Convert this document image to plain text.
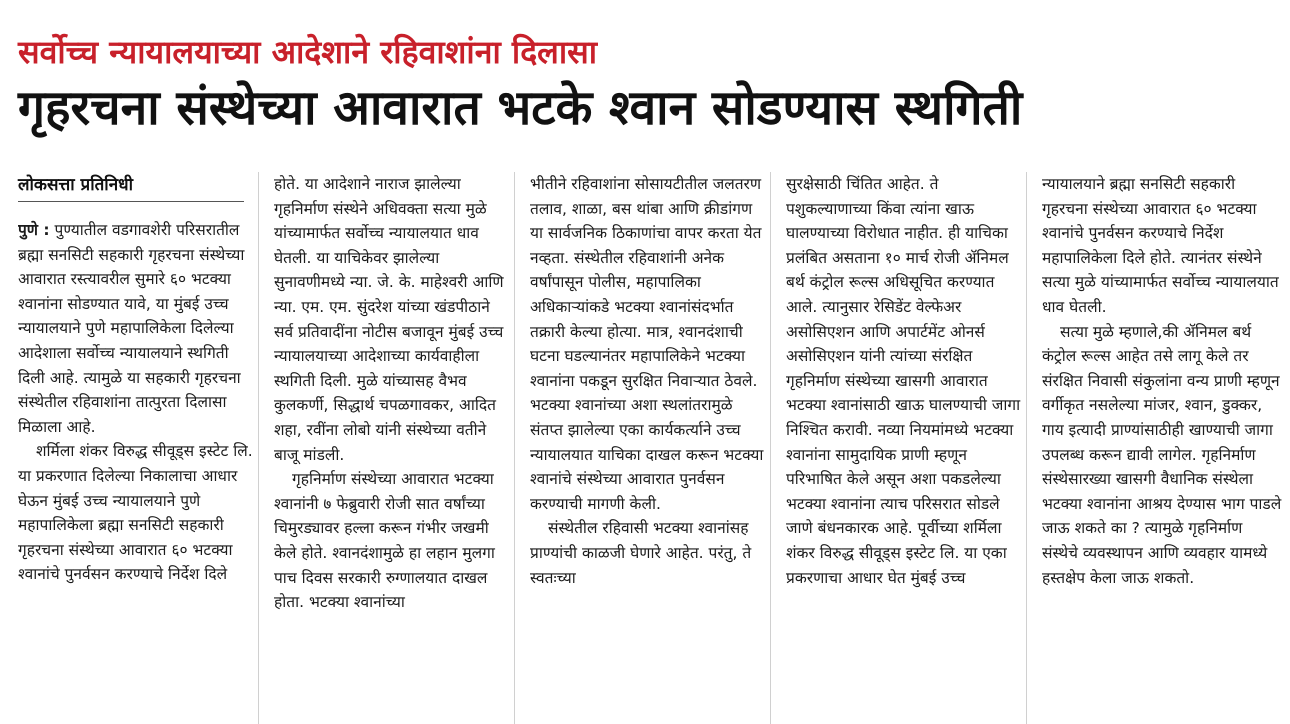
सर्वोच्च न्यायालयाच्या आदेशाने रहिवाशांना दिलासा
गृहरचना संस्थेच्या आवारात भटके श्वान सोडण्यास स्थगिती
लोकसत्ता प्रतिनिधी

पुणे : पुण्यातील वडगावशेरी परिसरातील ब्रह्मा सनसिटी सहकारी गृहरचना संस्थेच्या आवारात रस्त्यावरील सुमारे ६० भटक्या श्वानांना सोडण्यात यावे, या मुंबई उच्च न्यायालयाने पुणे महापालिकेला दिलेल्या आदेशाला सर्वोच्च न्यायालयाने स्थगिती दिली आहे. त्यामुळे या सहकारी गृहरचना संस्थेतील रहिवाशांना तात्पुरता दिलासा मिळाला आहे.

शर्मिला शंकर विरुद्ध सीवूड्स इस्टेट लि. या प्रकरणात दिलेल्या निकालाचा आधार घेऊन मुंबई उच्च न्यायालयाने पुणे महापालिकेला ब्रह्मा सनसिटी सहकारी गृहरचना संस्थेच्या आवारात ६० भटक्या श्वानांचे पुनर्वसन करण्याचे निर्देश दिले

होते. या आदेशाने नाराज झालेल्या गृहनिर्माण संस्थेने अधिवक्ता सत्या मुळे यांच्यामार्फत सर्वोच्च न्यायालयात धाव घेतली. या याचिकेवर झालेल्या सुनावणीमध्ये न्या. जे. के. माहेश्वरी आणि न्या. एम. एम. सुंदरेश यांच्या खंडपीठाने सर्व प्रतिवादींना नोटीस बजावून मुंबई उच्च न्यायालयाच्या आदेशाच्या कार्यवाहीला स्थगिती दिली. मुळे यांच्यासह वैभव कुलकर्णी, सिद्धार्थ चपळगावकर, आदित शहा, रवींना लोबो यांनी संस्थेच्या वतीने बाजू मांडली.

गृहनिर्माण संस्थेच्या आवारात भटक्या श्वानांनी ७ फेब्रुवारी रोजी सात वर्षांच्या चिमुरड्यावर हल्ला करून गंभीर जखमी केले होते. श्वानदंशामुळे हा लहान मुलगा पाच दिवस सरकारी रुग्णालयात दाखल होता. भटक्या श्वानांच्या

भीतीने रहिवाशांना सोसायटीतील जलतरण तलाव, शाळा, बस थांबा आणि क्रीडांगण या सार्वजनिक ठिकाणांचा वापर करता येत नव्हता. संस्थेतील रहिवाशांनी अनेक वर्षांपासून पोलीस, महापालिका अधिकाऱ्यांकडे भटक्या श्वानांसंदर्भात तक्रारी केल्या होत्या. मात्र, श्वानदंशाची घटना घडल्यानंतर महापालिकेने भटक्या श्वानांना पकडून सुरक्षित निवाऱ्यात ठेवले. भटक्या श्वानांच्या अशा स्थलांतरामुळे संतप्त झालेल्या एका कार्यकर्त्याने उच्च न्यायालयात याचिका दाखल करून भटक्या श्वानांचे संस्थेच्या आवारात पुनर्वसन करण्याची मागणी केली.

संस्थेतील रहिवासी भटक्या श्वानांसह प्राण्यांची काळजी घेणारे आहेत. परंतु, ते स्वतःच्या

सुरक्षेसाठी चिंतित आहेत. ते पशुकल्याणाच्या किंवा त्यांना खाऊ घालण्याच्या विरोधात नाहीत. ही याचिका प्रलंबित असताना १० मार्च रोजी ॲनिमल बर्थ कंट्रोल रूल्स अधिसूचित करण्यात आले. त्यानुसार रेसिडेंट वेल्फेअर असोसिएशन आणि अपार्टमेंट ओनर्स असोसिएशन यांनी त्यांच्या संरक्षित गृहनिर्माण संस्थेच्या खासगी आवारात भटक्या श्वानांसाठी खाऊ घालण्याची जागा निश्चित करावी. नव्या नियमांमध्ये भटक्या श्वानांना सामुदायिक प्राणी म्हणून परिभाषित केले असून अशा पकडलेल्या भटक्या श्वानांना त्याच परिसरात सोडले जाणे बंधनकारक आहे. पूर्वीच्या शर्मिला शंकर विरुद्ध सीवूड्स इस्टेट लि. या एका प्रकरणाचा आधार घेत मुंबई उच्च

न्यायालयाने ब्रह्मा सनसिटी सहकारी गृहरचना संस्थेच्या आवारात ६० भटक्या श्वानांचे पुनर्वसन करण्याचे निर्देश महापालिकेला दिले होते. त्यानंतर संस्थेने सत्या मुळे यांच्यामार्फत सर्वोच्च न्यायालयात धाव घेतली.

सत्या मुळे म्हणाले,की ॲनिमल बर्थ कंट्रोल रूल्स आहेत तसे लागू केले तर संरक्षित निवासी संकुलांना वन्य प्राणी म्हणून वर्गीकृत नसलेल्या मांजर, श्वान, डुक्कर, गाय इत्यादी प्राण्यांसाठीही खाण्याची जागा उपलब्ध करून द्यावी लागेल. गृहनिर्माण संस्थेसारख्या खासगी वैधानिक संस्थेला भटक्या श्वानांना आश्रय देण्यास भाग पाडले जाऊ शकते का ? त्यामुळे गृहनिर्माण संस्थेचे व्यवस्थापन आणि व्यवहार यामध्ये हस्तक्षेप केला जाऊ शकतो.
